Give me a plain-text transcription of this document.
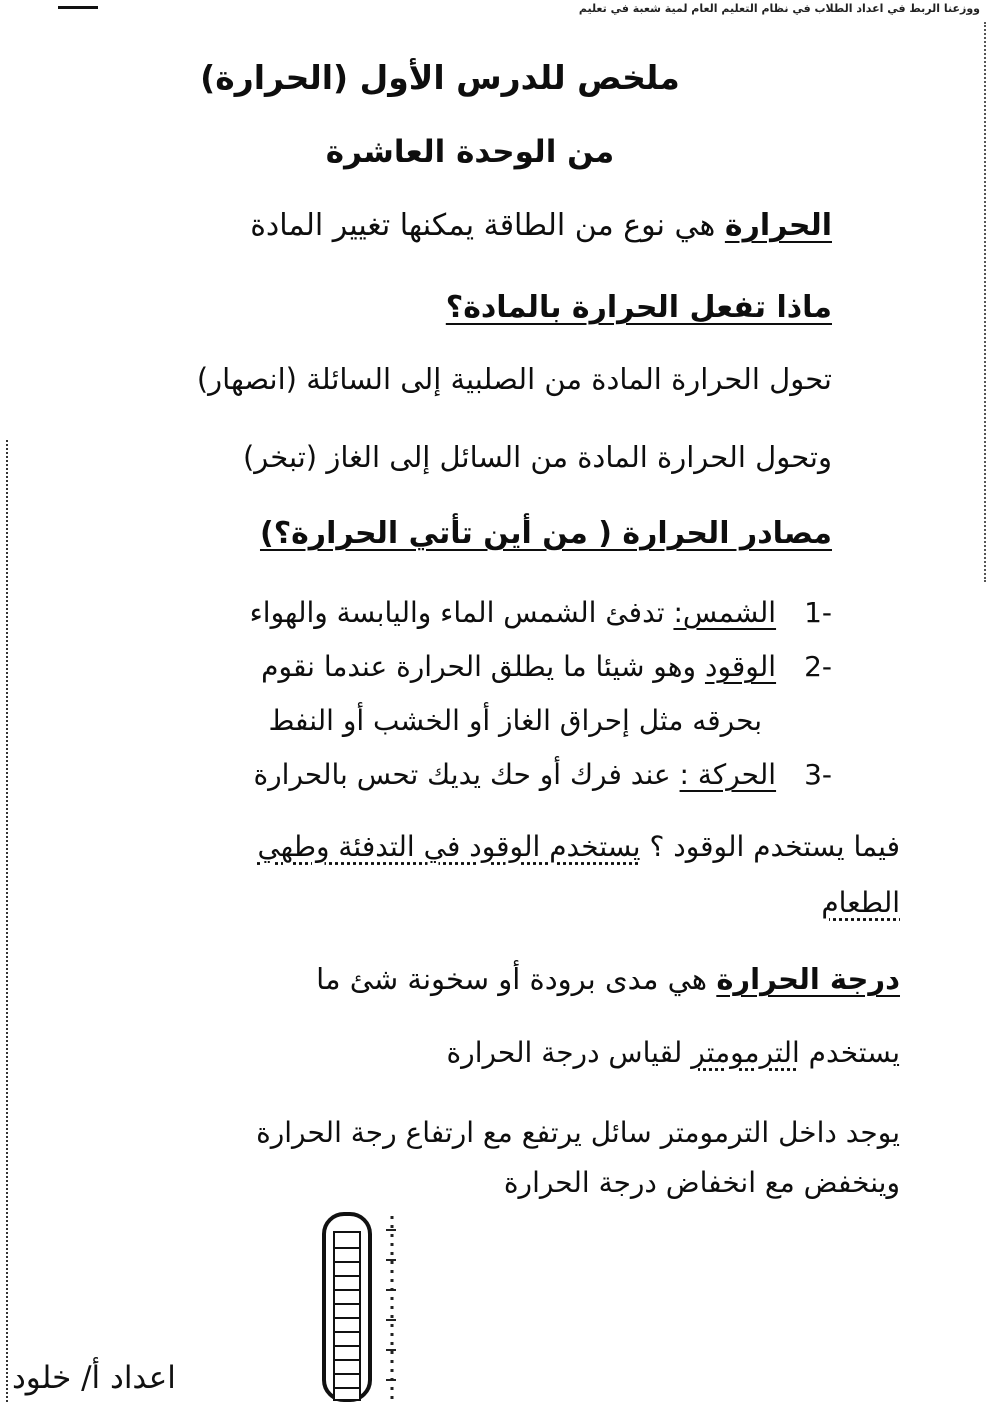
ووزعنا الربط في اعداد الطلاب في نظام التعليم العام لمية شعبة في تعليم

ملخص للدرس الأول (الحرارة)

من الوحدة العاشرة

الحرارة هي نوع من الطاقة يمكنها تغيير المادة

ماذا تفعل الحرارة بالمادة؟

تحول الحرارة المادة من الصلبية إلى السائلة (انصهار)

وتحول الحرارة المادة من السائل إلى الغاز (تبخر)

مصادر الحرارة ( من أين تأتي الحرارة؟)

-1الشمس: تدفئ الشمس الماء واليابسة والهواء

-2الوقود وهو شيئا ما يطلق الحرارة عندما نقوم

بحرقه مثل إحراق الغاز أو الخشب أو النفط

-3الحركة : عند فرك أو حك يديك تحس بالحرارة

فيما يستخدم الوقود ؟ يستخدم الوقود في التدفئة وطهي

الطعام

درجة الحرارة هي مدى برودة أو سخونة شئ ما

يستخدم الترمومتر لقياس درجة الحرارة

يوجد داخل الترمومتر سائل يرتفع مع ارتفاع رجة الحرارة

وينخفض مع انخفاض درجة الحرارة

اعداد أ/ خلود
